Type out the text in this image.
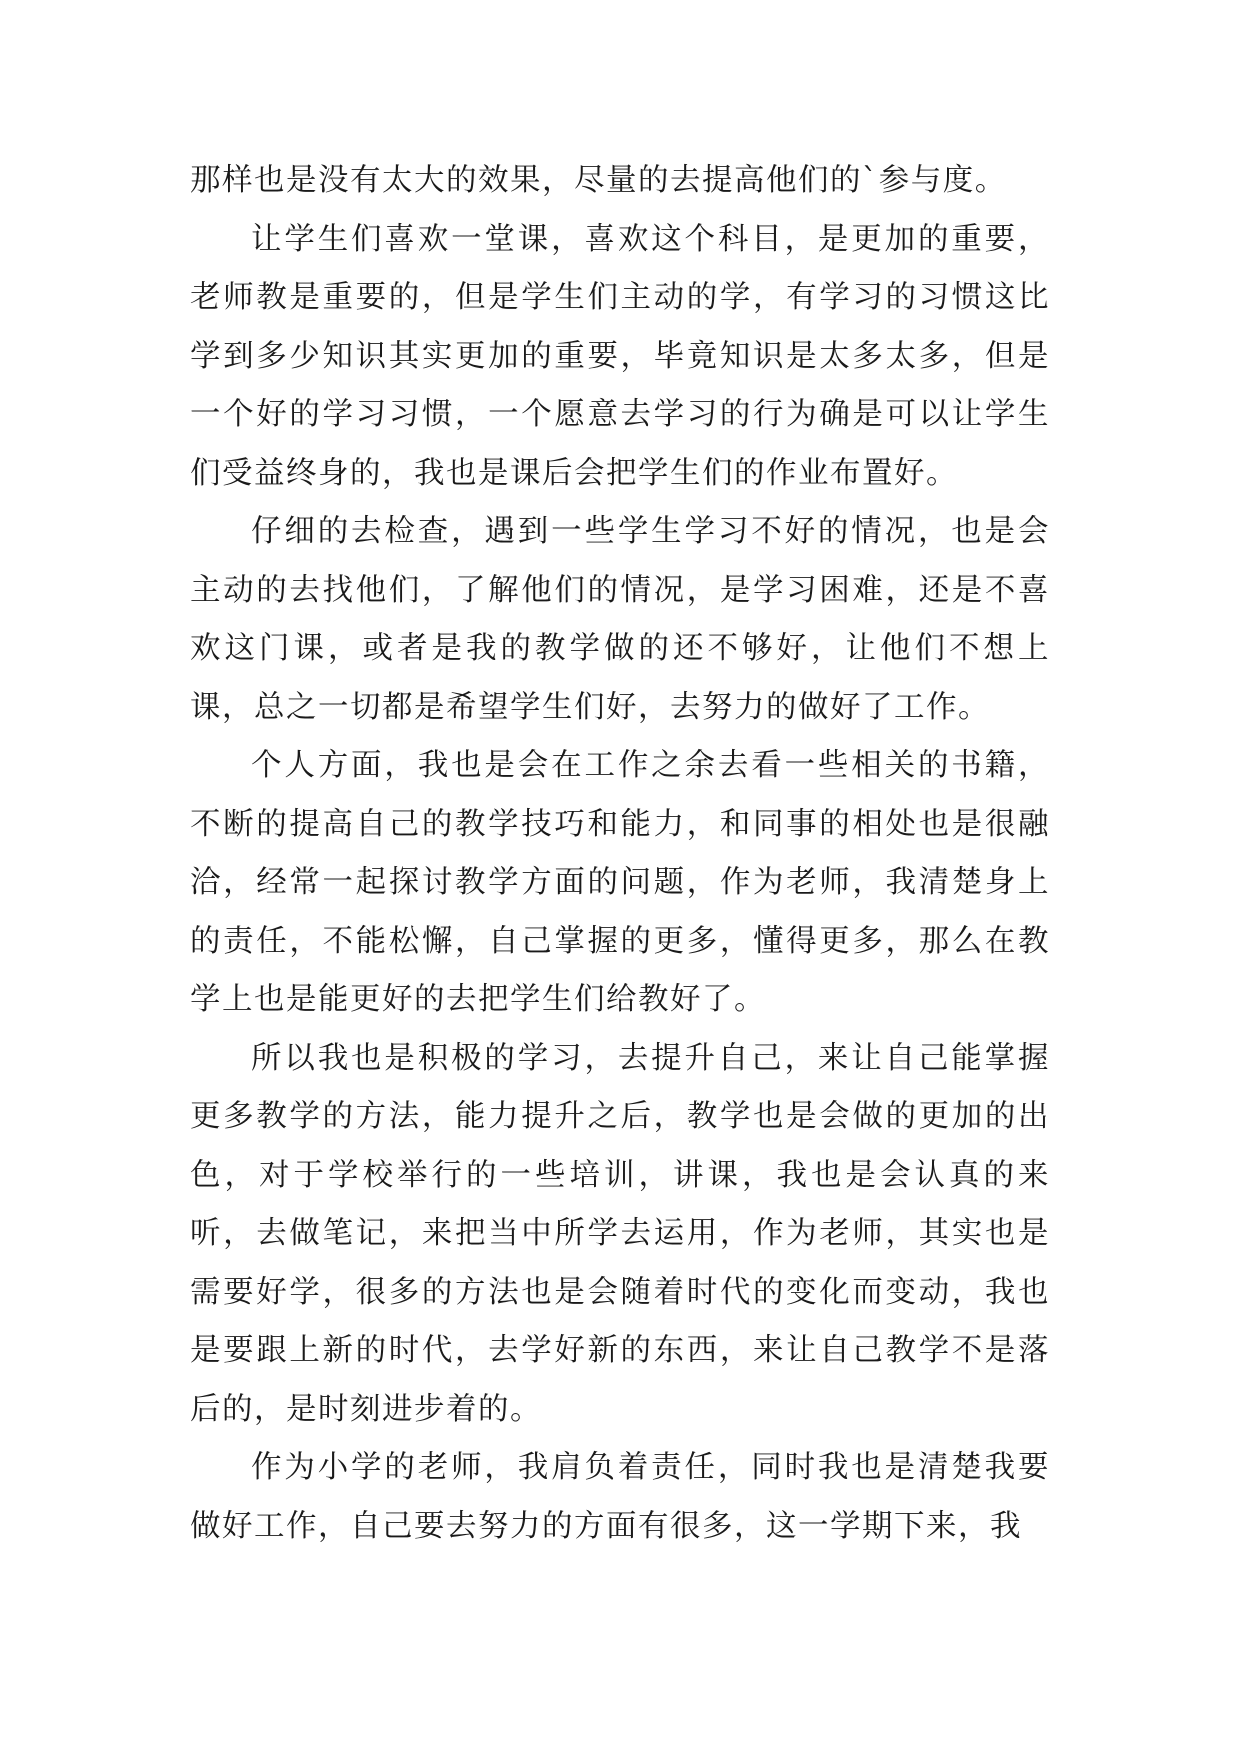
那样也是没有太大的效果，尽量的去提高他们的`参与度。

让学生们喜欢一堂课，喜欢这个科目，是更加的重要，老师教是重要的，但是学生们主动的学，有学习的习惯这比学到多少知识其实更加的重要，毕竟知识是太多太多，但是一个好的学习习惯，一个愿意去学习的行为确是可以让学生们受益终身的，我也是课后会把学生们的作业布置好。

仔细的去检查，遇到一些学生学习不好的情况，也是会主动的去找他们，了解他们的情况，是学习困难，还是不喜欢这门课，或者是我的教学做的还不够好，让他们不想上课，总之一切都是希望学生们好，去努力的做好了工作。

个人方面，我也是会在工作之余去看一些相关的书籍，不断的提高自己的教学技巧和能力，和同事的相处也是很融洽，经常一起探讨教学方面的问题，作为老师，我清楚身上的责任，不能松懈，自己掌握的更多，懂得更多，那么在教学上也是能更好的去把学生们给教好了。

所以我也是积极的学习，去提升自己，来让自己能掌握更多教学的方法，能力提升之后，教学也是会做的更加的出色，对于学校举行的一些培训，讲课，我也是会认真的来听，去做笔记，来把当中所学去运用，作为老师，其实也是需要好学，很多的方法也是会随着时代的变化而变动，我也是要跟上新的时代，去学好新的东西，来让自己教学不是落后的，是时刻进步着的。

作为小学的老师，我肩负着责任，同时我也是清楚我要做好工作，自己要去努力的方面有很多，这一学期下来，我
